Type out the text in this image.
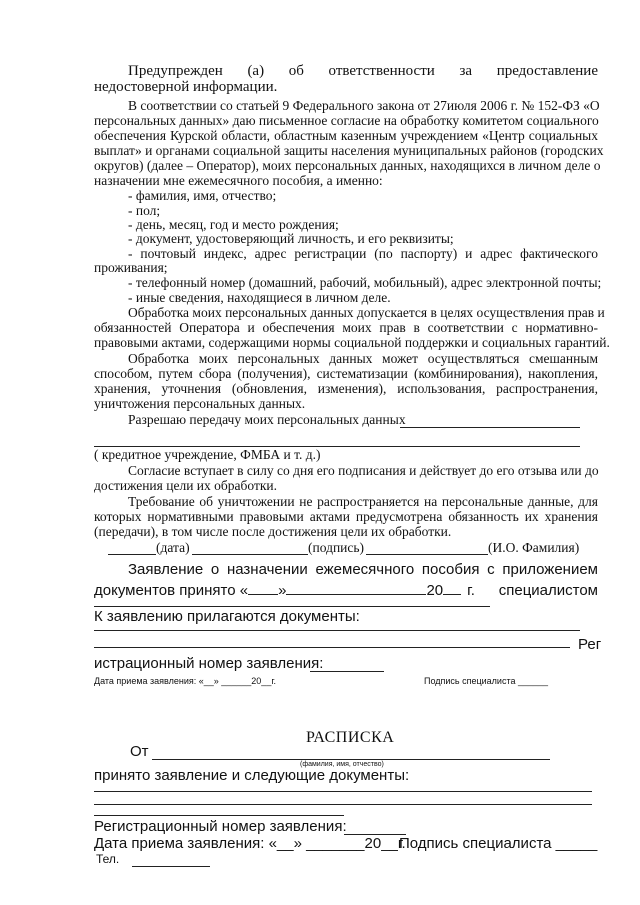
Предупрежден (а) об ответственности за предоставление
недостоверной информации.
В соответствии со статьей 9 Федерального закона от 27июля 2006 г. № 152-ФЗ «О
персональных данных» даю письменное согласие на обработку комитетом социального
обеспечения Курской области, областным казенным учреждением «Центр социальных
выплат» и органами социальной защиты населения муниципальных районов (городских
округов) (далее – Оператор), моих персональных данных, находящихся в личном деле о
назначении мне ежемесячного пособия, а именно:
- фамилия, имя, отчество;
- пол;
- день, месяц, год и место рождения;
- документ, удостоверяющий личность, и его реквизиты;
- почтовый индекс, адрес регистрации (по паспорту) и адрес фактического
проживания;
- телефонный номер (домашний, рабочий, мобильный), адрес электронной почты;
- иные сведения, находящиеся в личном деле.
Обработка моих персональных данных допускается в целях осуществления прав и
обязанностей Оператора и обеспечения моих прав в соответствии с нормативно-
правовыми актами, содержащими нормы социальной поддержки и социальных гарантий.
Обработка моих персональных данных может осуществляться смешанным
способом, путем сбора (получения), систематизации (комбинирования), накопления,
хранения, уточнения (обновления, изменения), использования, распространения,
уничтожения персональных данных.
Разрешаю передачу моих персональных данных
( кредитное учреждение, ФМБА и т. д.)
Согласие вступает в силу со дня его подписания и действует до его отзыва или до
достижения цели их обработки.
Требование об уничтожении не распространяется на персональные данные, для
которых нормативными правовыми актами предусмотрена обязанность их хранения
(передачи), в том числе после достижения цели их обработки.
(дата)	(подпись)	(И.О. Фамилия)
Заявление о назначении ежемесячного пособия с приложением
документов принято « »	20 г. специалистом
К заявлению прилагаются документы:
Рег
истрационный номер заявления:
Дата приема заявления: «__» ______20__г.	Подпись специалиста ______
РАСПИСКА
От
(фамилия, имя, отчество)
принято заявление и следующие документы:
Регистрационный номер заявления:
Дата приема заявления: «__» _______20__г.
Подпись специалиста _____
Тел.
